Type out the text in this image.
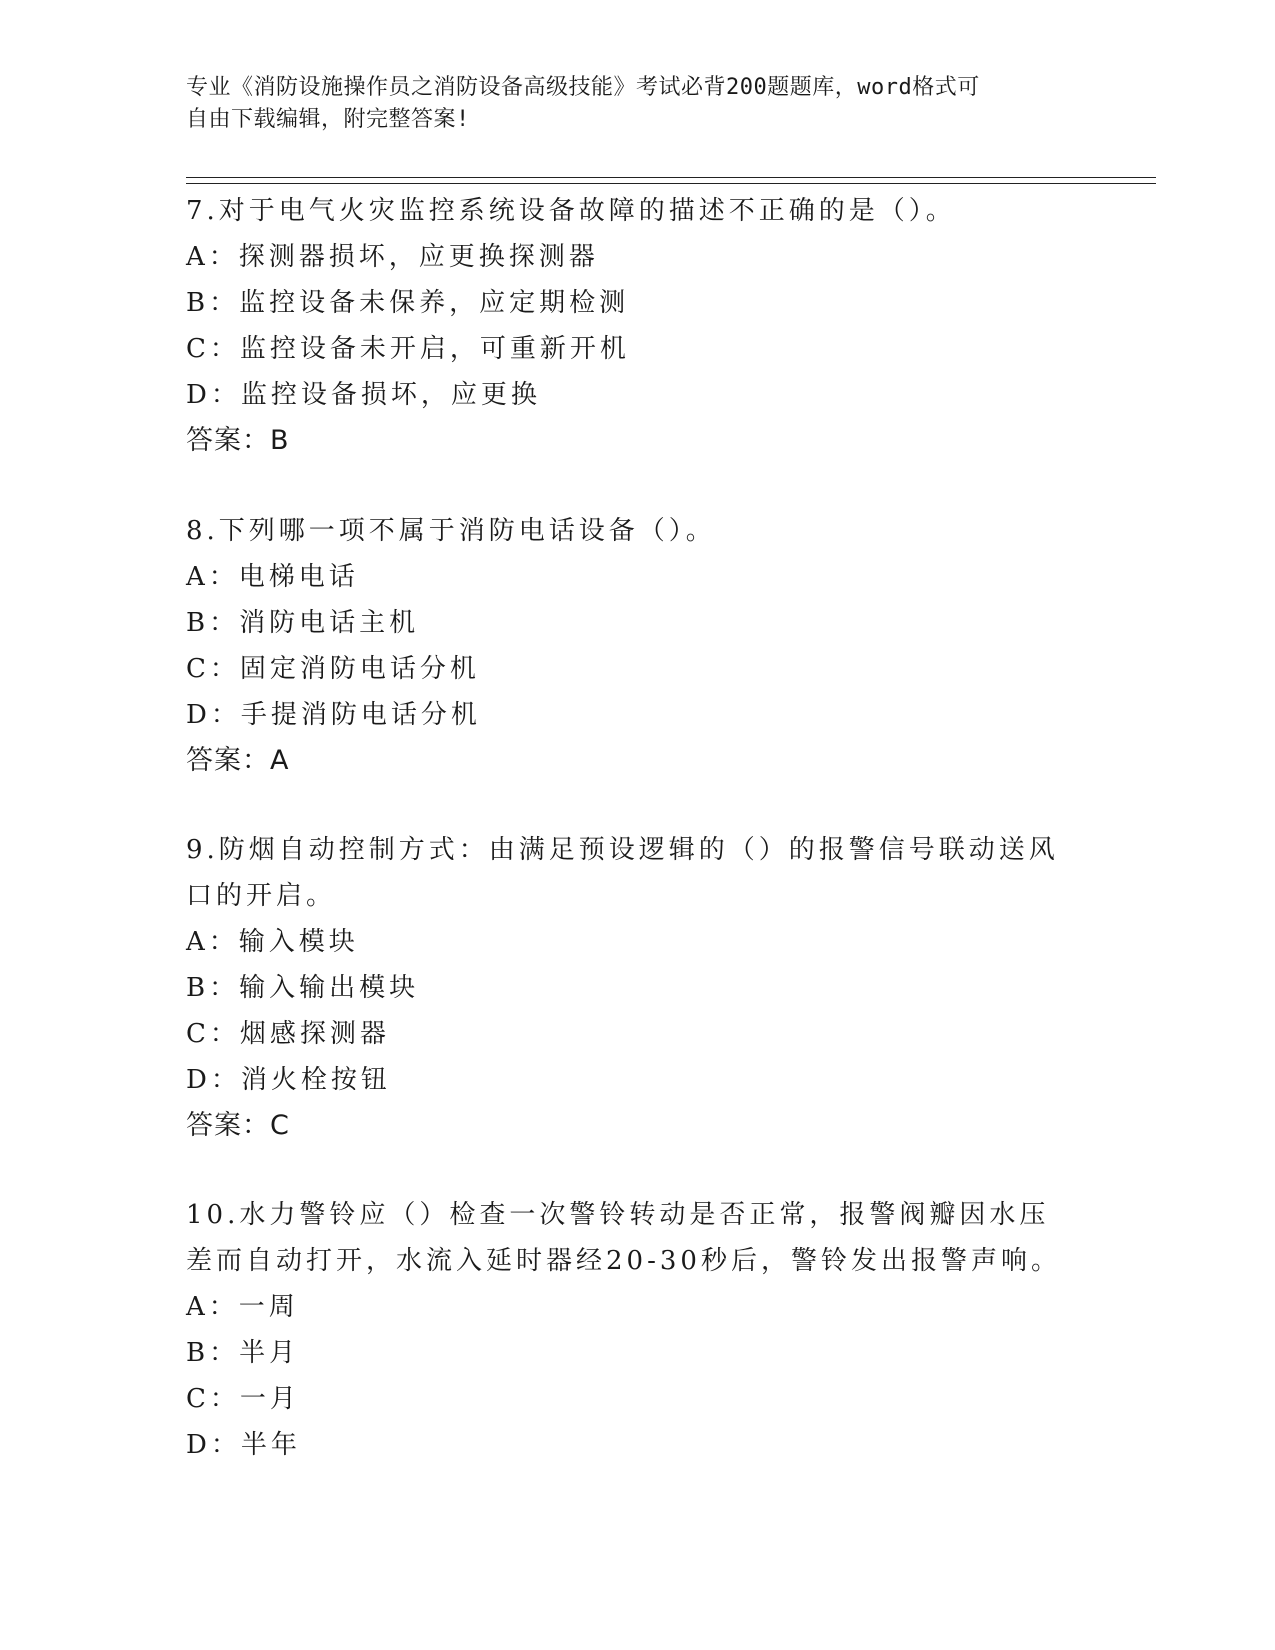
专业《消防设施操作员之消防设备高级技能》考试必背200题题库，word格式可
自由下载编辑，附完整答案!
7.对于电气火灾监控系统设备故障的描述不正确的是（）。
A：探测器损坏，应更换探测器
B：监控设备未保养，应定期检测
C：监控设备未开启，可重新开机
D：监控设备损坏，应更换
答案：B
8.下列哪一项不属于消防电话设备（）。
A：电梯电话
B：消防电话主机
C：固定消防电话分机
D：手提消防电话分机
答案：A
9.防烟自动控制方式：由满足预设逻辑的（）的报警信号联动送风口的开启。
A：输入模块
B：输入输出模块
C：烟感探测器
D：消火栓按钮
答案：C
10.水力警铃应（）检查一次警铃转动是否正常，报警阀瓣因水压差而自动打开，水流入延时器经20-30秒后，警铃发出报警声响。
A：一周
B：半月
C：一月
D：半年
